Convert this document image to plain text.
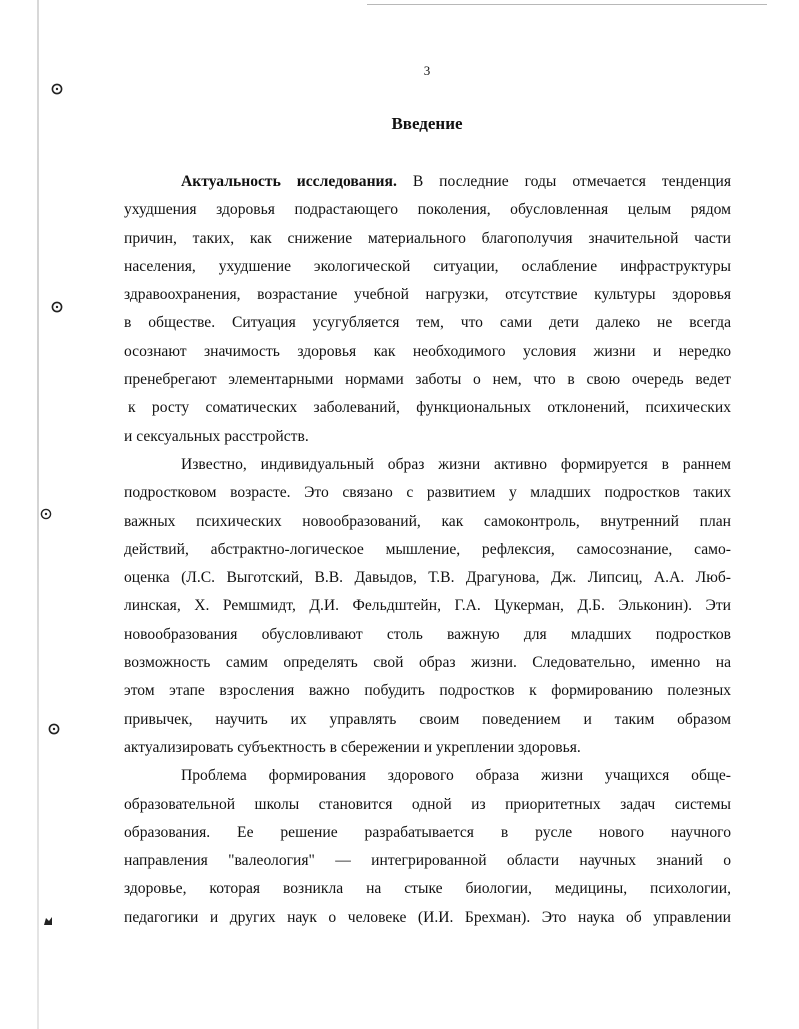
3
Введение
Актуальность исследования. В последние годы отмечается тенденция
ухудшения здоровья подрастающего поколения, обусловленная целым рядом
причин, таких, как снижение материального благополучия значительной части
населения, ухудшение экологической ситуации, ослабление инфраструктуры
здравоохранения, возрастание учебной нагрузки, отсутствие культуры здоровья
в обществе. Ситуация усугубляется тем, что сами дети далеко не всегда
осознают значимость здоровья как необходимого условия жизни и нередко
пренебрегают элементарными нормами заботы о нем, что в свою очередь ведет
к росту соматических заболеваний, функциональных отклонений, психических
и сексуальных расстройств.
Известно, индивидуальный образ жизни активно формируется в раннем
подростковом возрасте. Это связано с развитием у младших подростков таких
важных психических новообразований, как самоконтроль, внутренний план
действий, абстрактно-логическое мышление, рефлексия, самосознание, само-
оценка (Л.С. Выготский, В.В. Давыдов, Т.В. Драгунова, Дж. Липсиц, А.А. Люб-
линская, X. Ремшмидт, Д.И. Фельдштейн, Г.А. Цукерман, Д.Б. Эльконин). Эти
новообразования обусловливают столь важную для младших подростков
возможность самим определять свой образ жизни. Следовательно, именно на
этом этапе взросления важно побудить подростков к формированию полезных
привычек, научить их управлять своим поведением и таким образом
актуализировать субъектность в сбережении и укреплении здоровья.
Проблема формирования здорового образа жизни учащихся обще-
образовательной школы становится одной из приоритетных задач системы
образования. Ее решение разрабатывается в русле нового научного
направления "валеология" — интегрированной области научных знаний о
здоровье, которая возникла на стыке биологии, медицины, психологии,
педагогики и других наук о человеке (И.И. Брехман). Это наука об управлении
